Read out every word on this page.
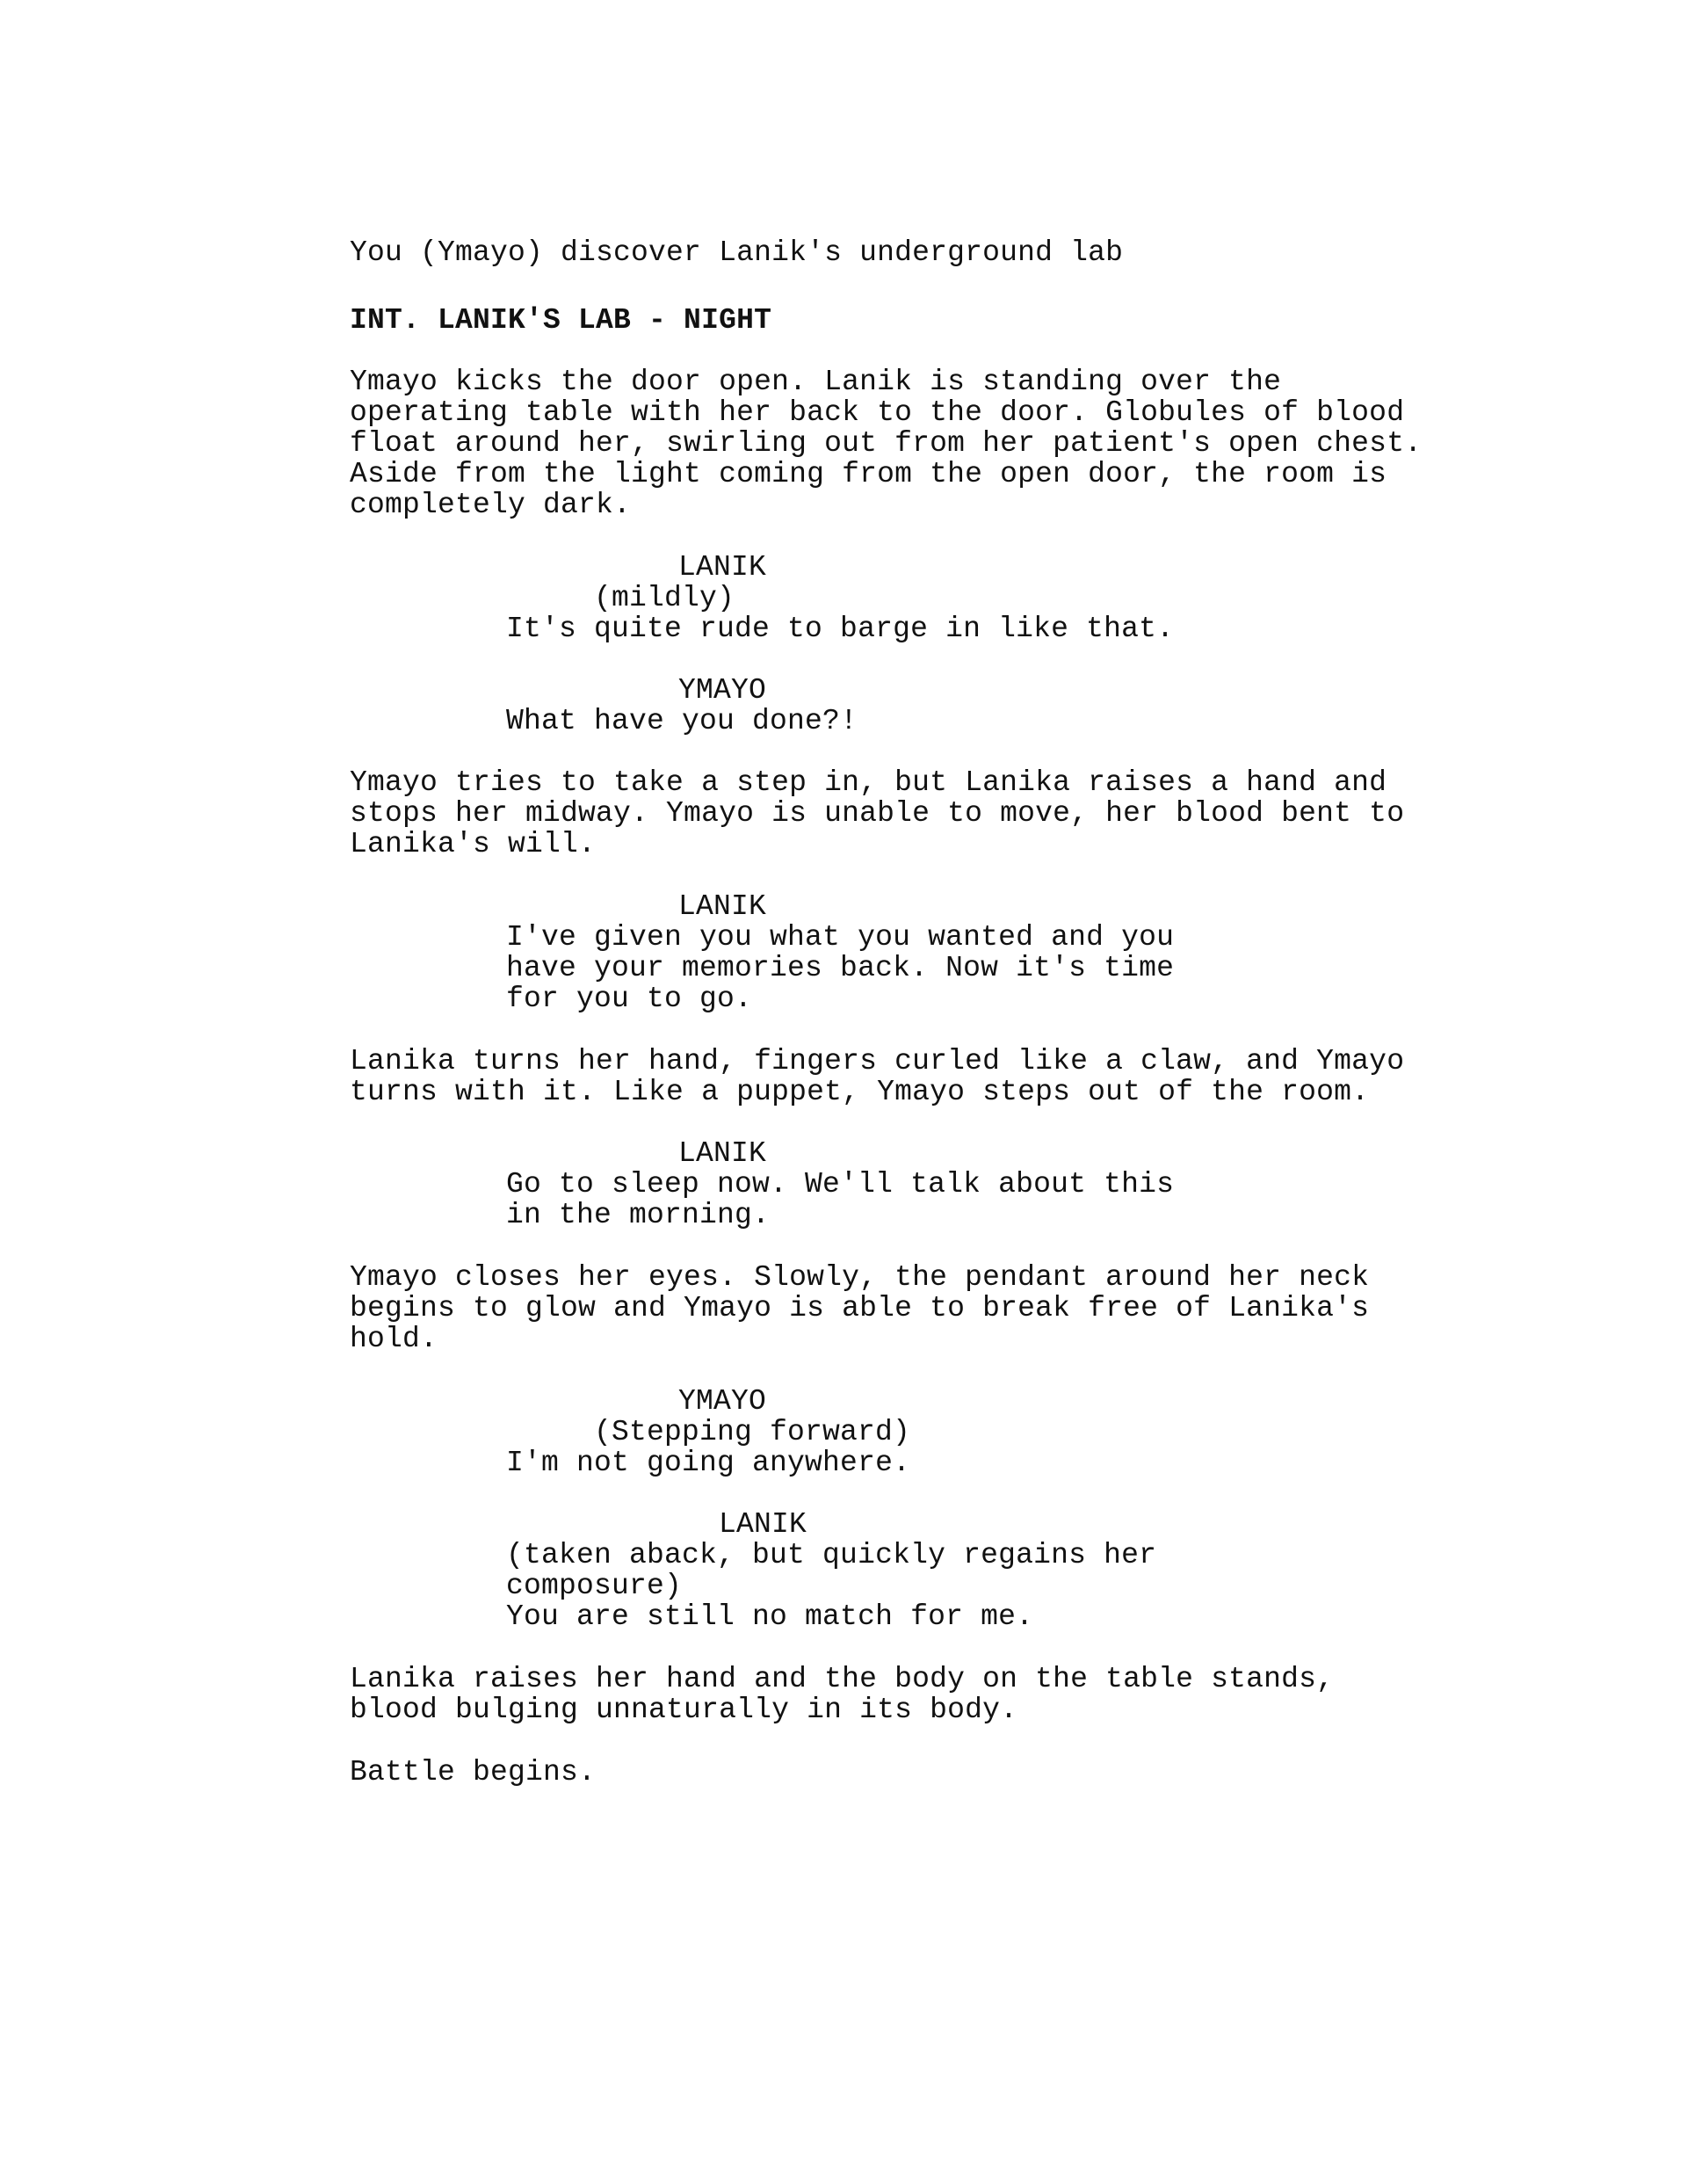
You (Ymayo) discover Lanik's underground lab
INT. LANIK'S LAB - NIGHT
Ymayo kicks the door open. Lanik is standing over the
operating table with her back to the door. Globules of blood
float around her, swirling out from her patient's open chest.
Aside from the light coming from the open door, the room is
completely dark.
LANIK
(mildly)
It's quite rude to barge in like that.
YMAYO
What have you done?!
Ymayo tries to take a step in, but Lanika raises a hand and
stops her midway. Ymayo is unable to move, her blood bent to
Lanika's will.
LANIK
I've given you what you wanted and you
have your memories back. Now it's time
for you to go.
Lanika turns her hand, fingers curled like a claw, and Ymayo
turns with it. Like a puppet, Ymayo steps out of the room.
LANIK
Go to sleep now. We'll talk about this
in the morning.
Ymayo closes her eyes. Slowly, the pendant around her neck
begins to glow and Ymayo is able to break free of Lanika's
hold.
YMAYO
(Stepping forward)
I'm not going anywhere.
LANIK
(taken aback, but quickly regains her
composure)
You are still no match for me.
Lanika raises her hand and the body on the table stands,
blood bulging unnaturally in its body.
Battle begins.
